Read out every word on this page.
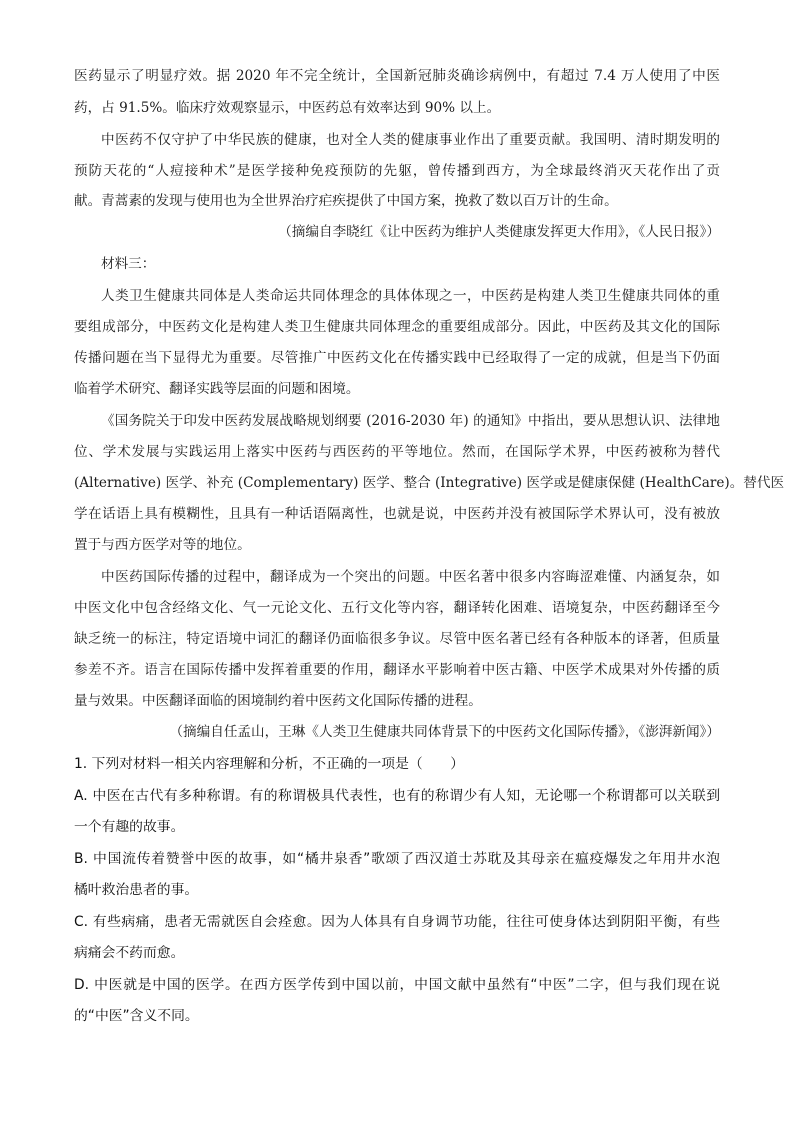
医药显示了明显疗效。据 2020 年不完全统计，全国新冠肺炎确诊病例中，有超过 7.4 万人使用了中医
药，占 91.5%。临床疗效观察显示，中医药总有效率达到 90% 以上。
中医药不仅守护了中华民族的健康，也对全人类的健康事业作出了重要贡献。我国明、清时期发明的
预防天花的“人痘接种术”是医学接种免疫预防的先躯，曾传播到西方，为全球最终消灭天花作出了贡
献。青蒿素的发现与使用也为全世界治疗疟疾提供了中国方案，挽救了数以百万计的生命。
（摘编自李晓红《让中医药为维护人类健康发挥更大作用》，《人民日报》）
材料三：
人类卫生健康共同体是人类命运共同体理念的具体体现之一，中医药是构建人类卫生健康共同体的重
要组成部分，中医药文化是构建人类卫生健康共同体理念的重要组成部分。因此，中医药及其文化的国际
传播问题在当下显得尤为重要。尽管推广中医药文化在传播实践中已经取得了一定的成就，但是当下仍面
临着学术研究、翻译实践等层面的问题和困境。
《国务院关于印发中医药发展战略规划纲要 (2016-2030 年) 的通知》中指出，要从思想认识、法律地
位、学术发展与实践运用上落实中医药与西医药的平等地位。然而，在国际学术界，中医药被称为替代
(Alternative) 医学、补充 (Complementary) 医学、整合 (Integrative) 医学或是健康保健 (HealthCare)。替代医
学在话语上具有模糊性，且具有一种话语隔离性，也就是说，中医药并没有被国际学术界认可，没有被放
置于与西方医学对等的地位。
中医药国际传播的过程中，翻译成为一个突出的问题。中医名著中很多内容晦涩难懂、内涵复杂，如
中医文化中包含经络文化、气一元论文化、五行文化等内容，翻译转化困难、语境复杂，中医药翻译至今
缺乏统一的标注，特定语境中词汇的翻译仍面临很多争议。尽管中医名著已经有各种版本的译著，但质量
参差不齐。语言在国际传播中发挥着重要的作用，翻译水平影响着中医古籍、中医学术成果对外传播的质
量与效果。中医翻译面临的困境制约着中医药文化国际传播的进程。
（摘编自任孟山，王琳《人类卫生健康共同体背景下的中医药文化国际传播》，《澎湃新闻》）
1. 下列对材料一相关内容理解和分析，不正确的一项是（　　）
A. 中医在古代有多种称谓。有的称谓极具代表性，也有的称谓少有人知，无论哪一个称谓都可以关联到
一个有趣的故事。
B. 中国流传着赞誉中医的故事，如“橘井泉香”歌颂了西汉道士苏耽及其母亲在瘟疫爆发之年用井水泡
橘叶救治患者的事。
C. 有些病痛，患者无需就医自会痊愈。因为人体具有自身调节功能，往往可使身体达到阴阳平衡，有些
病痛会不药而愈。
D. 中医就是中国的医学。在西方医学传到中国以前，中国文献中虽然有“中医”二字，但与我们现在说
的“中医”含义不同。
